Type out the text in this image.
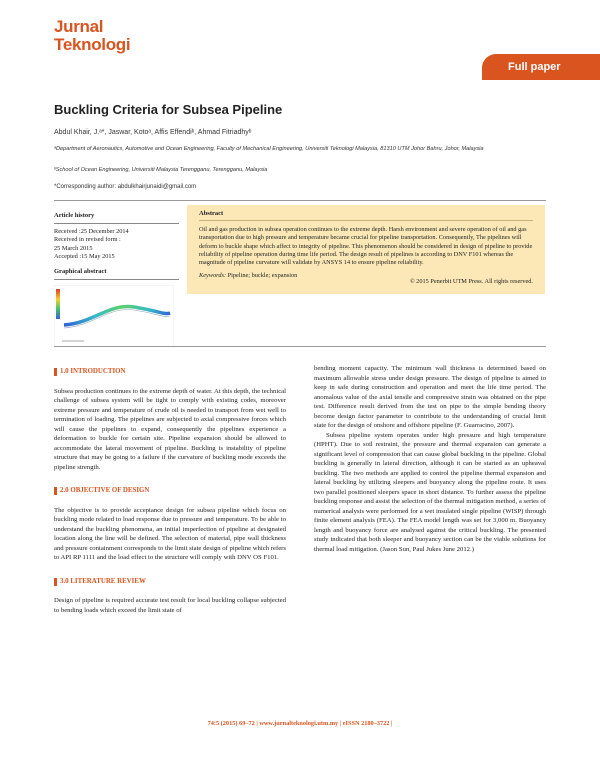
Jurnal
Teknologi
Full paper
Buckling Criteria for Subsea Pipeline
Abdul Khair, J.ᵃ*, Jaswar, Kotoᵃ, Affis Effendiᵇ, Ahmad Fitriadhyᵇ
ᵃDepartment of Aeronautics, Automotive and Ocean Engineering, Faculty of Mechanical Engineering, Universiti Teknologi Malaysia, 81310 UTM Johor Bahru, Johor, Malaysia
ᵇSchool of Ocean Engineering, Universiti Malaysia Terengganu, Terengganu, Malaysia
*Corresponding author: abdulkhairjunaidi@gmail.com
Article history
Received :25 December 2014
Received in revised form :
25 March 2015
Accepted :15 May 2015
Graphical abstract
Abstract
Oil and gas production in subsea operation continues to the extreme depth. Harsh environment and severe operation of oil and gas transportation due to high pressure and temperature became crucial for pipeline transportation. Consequently, The pipelines will deform to buckle shape which affect to integrity of pipeline. This phenomenon should be considered in design of pipeline to provide reliability of pipeline operation during time life period. The design result of pipelines is according to DNV F101 whereas the magnitude of pipeline curvature will validate by ANSYS 14 to ensure pipeline reliability.
Keywords: Pipeline; buckle; expansion
© 2015 Penerbit UTM Press. All rights reserved.
1.0 INTRODUCTION

Subsea production continues to the extreme depth of water. At this depth, the technical challenge of subsea system will be tight to comply with existing codes, moreover extreme pressure and temperature of crude oil is needed to transport from wet well to termination of loading. The pipelines are subjected to axial compressive forces which will cause the pipelines to expand, consequently the pipelines experience a deformation to buckle for certain site. Pipeline expansion should be allowed to accommodate the lateral movement of pipeline. Buckling is instability of pipeline structure that may be going to a failure if the curvature of buckling mode exceeds the pipeline strength.

2.0 OBJECTIVE OF DESIGN

The objective is to provide acceptance design for subsea pipeline which focus on buckling mode related to load response due to pressure and temperature. To be able to understand the buckling phenomena, an initial imperfection of pipeline at designated location along the line will be defined. The selection of material, pipe wall thickness and pressure containment corresponds to the limit state design of pipeline which refers to API RP 1111 and the load effect to the structure will comply with DNV OS F101.

3.0 LITERATURE REVIEW

Design of pipeline is required accurate test result for local buckling collapse subjected to bending loads which exceed the limit state of

bending moment capacity. The minimum wall thickness is determined based on maximum allowable stress under design pressure. The design of pipeline is aimed to keep in safe during construction and operation and meet the life time period. The anomalous value of the axial tensile and compressive strain was obtained on the pipe test. Difference result derived from the test on pipe to the simple bending theory become design factor parameter to contribute to the understanding of crucial limit state for the design of onshore and offshore pipeline (F. Guarracino, 2007).

Subsea pipeline system operates under high pressure and high temperature (HPHT). Due to soil restraint, the pressure and thermal expansion can generate a significant level of compression that can cause global buckling in the pipeline. Global buckling is generally in lateral direction, although it can be started as an upheaval buckling. The two methods are applied to control the pipeline thermal expansion and lateral buckling by utilizing sleepers and buoyancy along the pipeline route. It uses two parallel positioned sleepers space in short distance. To further assess the pipeline buckling response and assist the selection of the thermal mitigation method, a series of numerical analysis were performed for a wet insulated single pipeline (WISP) through finite element analysis (FEA). The FEA model length was set for 3,000 m. Buoyancy length and buoyancy force are analysed against the critical buckling. The presented study indicated that both sleeper and buoyancy section can be the viable solutions for thermal load mitigation. (Jason Sun, Paul Jukes June 2012.)

74:5 (2015) 69–72 | www.jurnalteknologi.utm.my | eISSN 2180–3722 |
